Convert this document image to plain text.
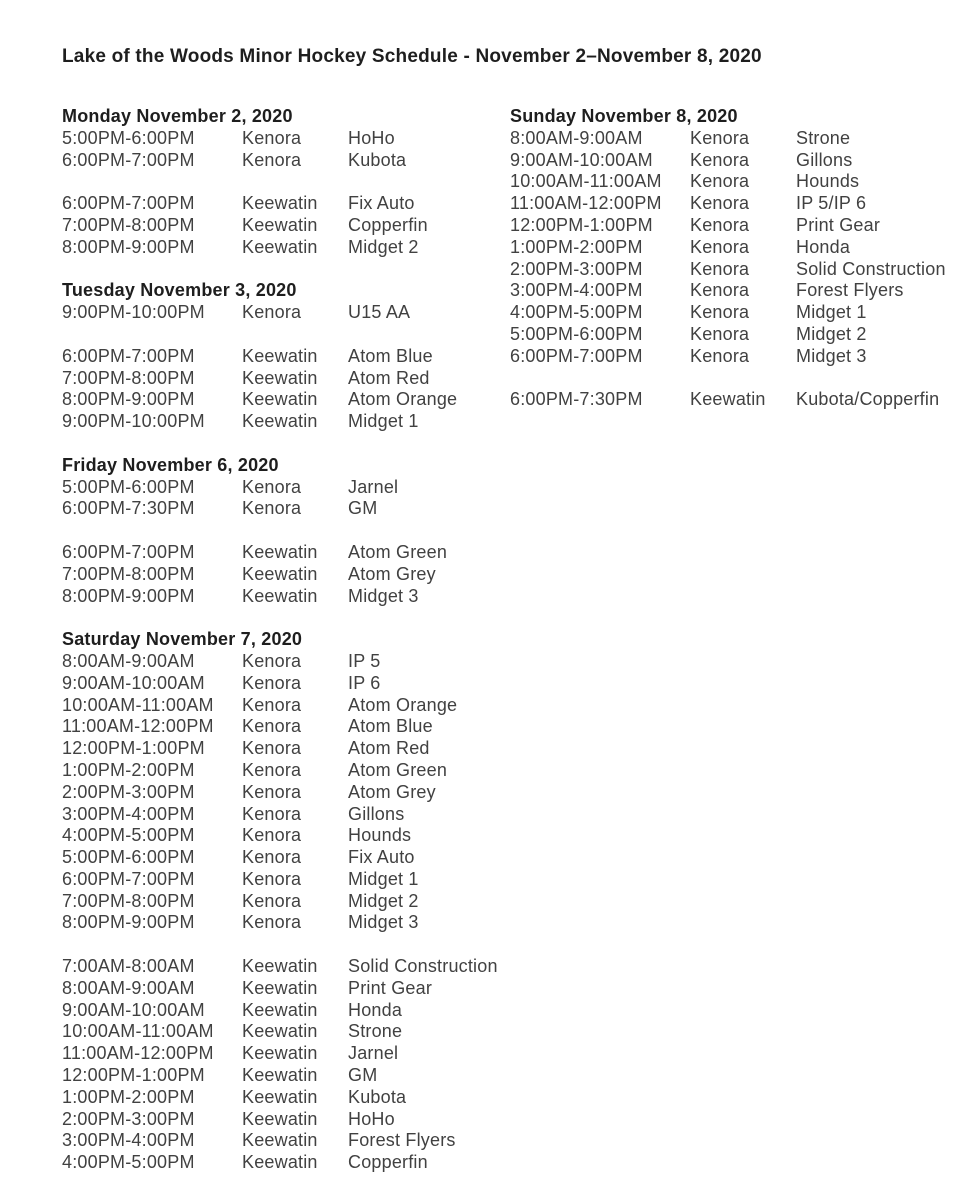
Lake of the Woods Minor Hockey Schedule - November 2–November 8, 2020
Monday November 2, 2020
5:00PM-6:00PM	Kenora	HoHo
6:00PM-7:00PM	Kenora	Kubota
6:00PM-7:00PM	Keewatin	Fix Auto
7:00PM-8:00PM	Keewatin	Copperfin
8:00PM-9:00PM	Keewatin	Midget 2
Tuesday November 3, 2020
9:00PM-10:00PM	Kenora	U15 AA
6:00PM-7:00PM	Keewatin	Atom Blue
7:00PM-8:00PM	Keewatin	Atom Red
8:00PM-9:00PM	Keewatin	Atom Orange
9:00PM-10:00PM	Keewatin	Midget 1
Friday November 6, 2020
5:00PM-6:00PM	Kenora	Jarnel
6:00PM-7:30PM	Kenora	GM
6:00PM-7:00PM	Keewatin	Atom Green
7:00PM-8:00PM	Keewatin	Atom Grey
8:00PM-9:00PM	Keewatin	Midget 3
Saturday November 7, 2020
8:00AM-9:00AM	Kenora	IP 5
9:00AM-10:00AM	Kenora	IP 6
10:00AM-11:00AM	Kenora	Atom Orange
11:00AM-12:00PM	Kenora	Atom Blue
12:00PM-1:00PM	Kenora	Atom Red
1:00PM-2:00PM	Kenora	Atom Green
2:00PM-3:00PM	Kenora	Atom Grey
3:00PM-4:00PM	Kenora	Gillons
4:00PM-5:00PM	Kenora	Hounds
5:00PM-6:00PM	Kenora	Fix Auto
6:00PM-7:00PM	Kenora	Midget 1
7:00PM-8:00PM	Kenora	Midget 2
8:00PM-9:00PM	Kenora	Midget 3
7:00AM-8:00AM	Keewatin	Solid Construction
8:00AM-9:00AM	Keewatin	Print Gear
9:00AM-10:00AM	Keewatin	Honda
10:00AM-11:00AM	Keewatin	Strone
11:00AM-12:00PM	Keewatin	Jarnel
12:00PM-1:00PM	Keewatin	GM
1:00PM-2:00PM	Keewatin	Kubota
2:00PM-3:00PM	Keewatin	HoHo
3:00PM-4:00PM	Keewatin	Forest Flyers
4:00PM-5:00PM	Keewatin	Copperfin
Sunday November 8, 2020
8:00AM-9:00AM	Kenora	Strone
9:00AM-10:00AM	Kenora	Gillons
10:00AM-11:00AM	Kenora	Hounds
11:00AM-12:00PM	Kenora	IP 5/IP 6
12:00PM-1:00PM	Kenora	Print Gear
1:00PM-2:00PM	Kenora	Honda
2:00PM-3:00PM	Kenora	Solid Construction
3:00PM-4:00PM	Kenora	Forest Flyers
4:00PM-5:00PM	Kenora	Midget 1
5:00PM-6:00PM	Kenora	Midget 2
6:00PM-7:00PM	Kenora	Midget 3
6:00PM-7:30PM	Keewatin	Kubota/Copperfin
